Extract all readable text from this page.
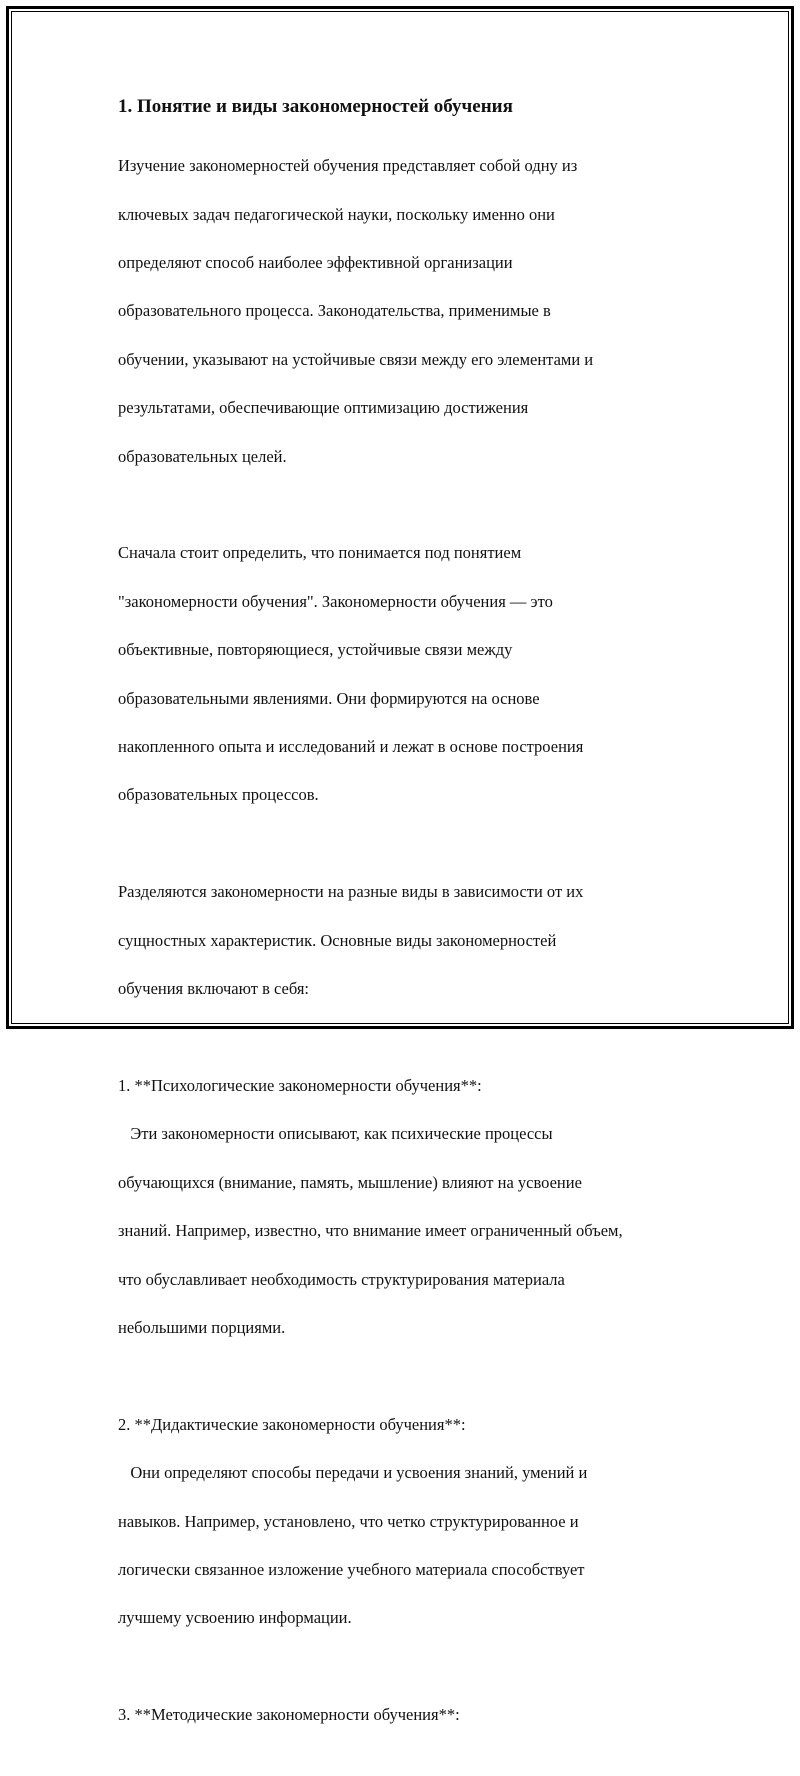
1. Понятие и виды закономерностей обучения

Изучение закономерностей обучения представляет собой одну из

ключевых задач педагогической науки, поскольку именно они

определяют способ наиболее эффективной организации

образовательного процесса. Законодательства, применимые в

обучении, указывают на устойчивые связи между его элементами и

результатами, обеспечивающие оптимизацию достижения

образовательных целей.

Сначала стоит определить, что понимается под понятием

"закономерности обучения". Закономерности обучения — это

объективные, повторяющиеся, устойчивые связи между

образовательными явлениями. Они формируются на основе

накопленного опыта и исследований и лежат в основе построения

образовательных процессов.

Разделяются закономерности на разные виды в зависимости от их

сущностных характеристик. Основные виды закономерностей

обучения включают в себя:

1. **Психологические закономерности обучения**:

Эти закономерности описывают, как психические процессы

обучающихся (внимание, память, мышление) влияют на усвоение

знаний. Например, известно, что внимание имеет ограниченный объем,

что обуславливает необходимость структурирования материала

небольшими порциями.

2. **Дидактические закономерности обучения**:

Они определяют способы передачи и усвоения знаний, умений и

навыков. Например, установлено, что четко структурированное и

логически связанное изложение учебного материала способствует

лучшему усвоению информации.

3. **Методические закономерности обучения**:
